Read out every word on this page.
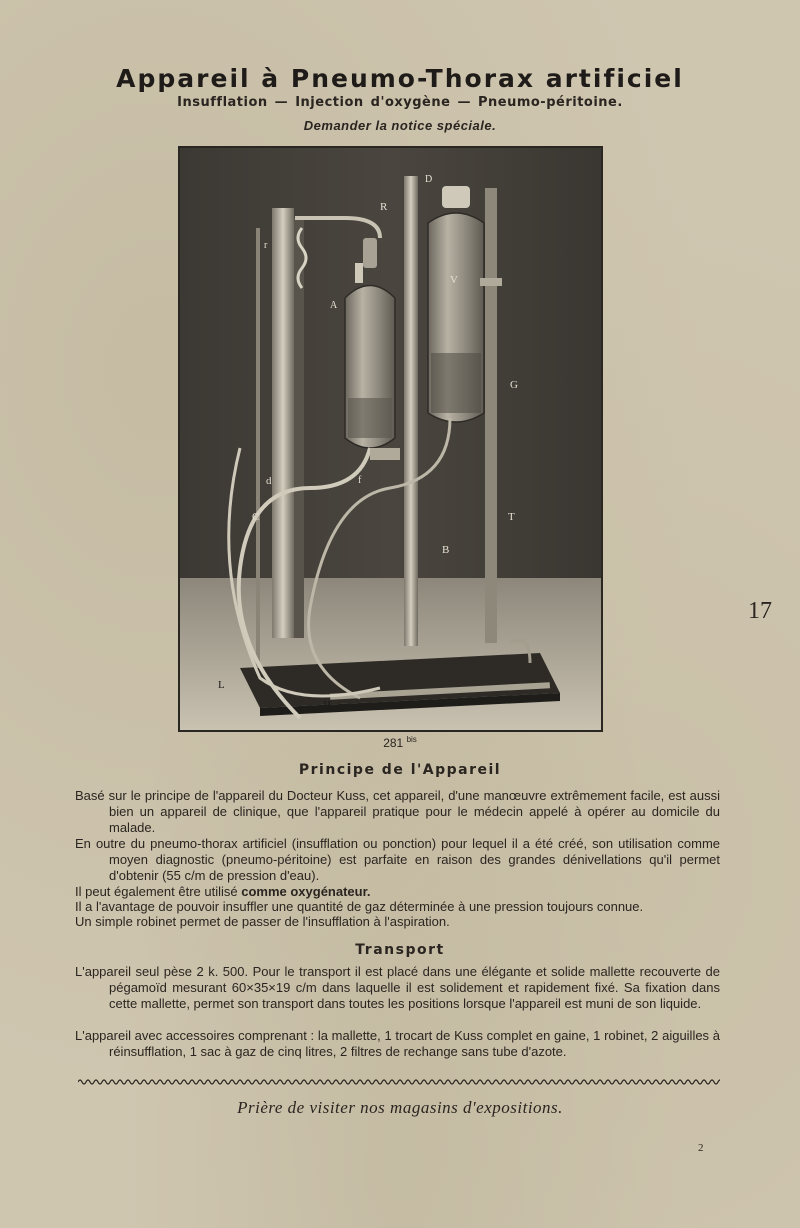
Appareil à Pneumo-Thorax artificiel
Insufflation — Injection d'oxygène — Pneumo-péritoine.
Demander la notice spéciale.
R
V
G
T
B
C
d
L
H
r
f
D
A
281 $^{bis}$
Principe de l'Appareil
Basé sur le principe de l'appareil du Docteur Kuss, cet appareil, d'une manœuvre extrêmement facile, est aussi bien un appareil de clinique, que l'appareil pratique pour le médecin appelé à opérer au domicile du malade.
En outre du pneumo-thorax artificiel (insufflation ou ponction) pour lequel il a été créé, son utilisation comme moyen diagnostic (pneumo-péritoine) est parfaite en raison des grandes dénivellations qu'il permet d'obtenir (55 c/m de pression d'eau).
Il peut également être utilisé comme oxygénateur.
Il a l'avantage de pouvoir insuffler une quantité de gaz déterminée à une pression toujours connue.
Un simple robinet permet de passer de l'insufflation à l'aspiration.
Transport
L'appareil seul pèse 2 k. 500. Pour le transport il est placé dans une élégante et solide mallette recouverte de pégamoïd mesurant 60×35×19 c/m dans laquelle il est solidement et rapidement fixé. Sa fixation dans cette mallette, permet son transport dans toutes les positions lorsque l'appareil est muni de son liquide.
L'appareil avec accessoires comprenant : la mallette, 1 trocart de Kuss complet en gaine, 1 robinet, 2 aiguilles à réinsufflation, 1 sac à gaz de cinq litres, 2 filtres de rechange sans tube d'azote.
Prière de visiter nos magasins d'expositions.
17
2
